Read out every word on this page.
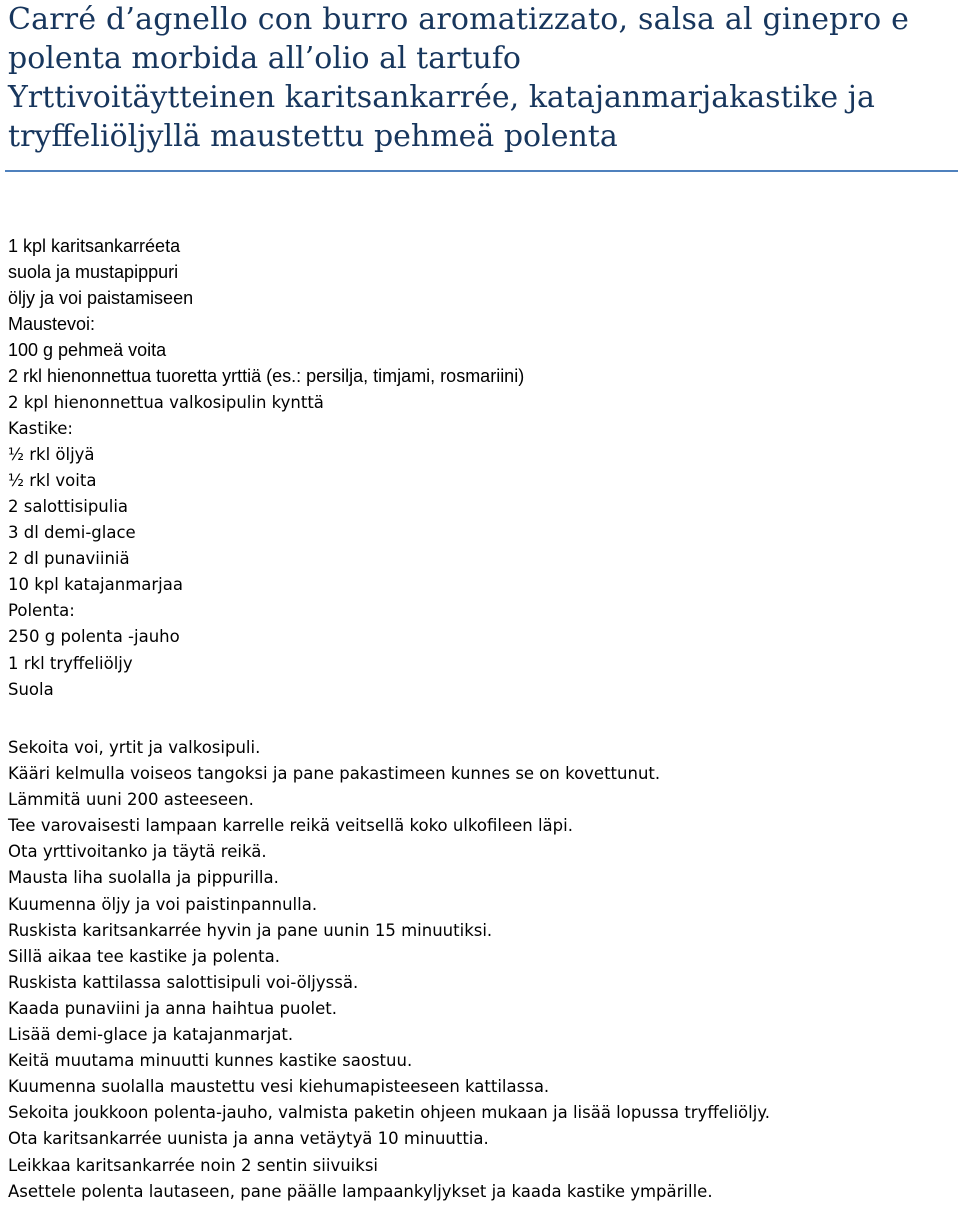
Carré d’agnello con burro aromatizzato, salsa al ginepro e
polenta morbida all’olio al tartufo
Yrttivoitäytteinen karitsankarrée, katajanmarjakastike ja
tryffeliöljyllä maustettu pehmeä polenta
1 kpl karitsankarréeta
suola ja mustapippuri
öljy ja voi paistamiseen
Maustevoi:
100 g pehmeä voita
2 rkl hienonnettua tuoretta yrttiä (es.: persilja, timjami, rosmariini)
2 kpl hienonnettua valkosipulin kynttä
Kastike:
½ rkl öljyä
½ rkl voita
2 salottisipulia
3 dl demi-glace
2 dl punaviiniä
10 kpl katajanmarjaa
Polenta:
250 g polenta -jauho
1 rkl tryffeliöljy
Suola
Sekoita voi, yrtit ja valkosipuli.
Kääri kelmulla voiseos tangoksi ja pane pakastimeen kunnes se on kovettunut.
Lämmitä uuni 200 asteeseen.
Tee varovaisesti lampaan karrelle reikä veitsellä koko ulkofileen läpi.
Ota yrttivoitanko ja täytä reikä.
Mausta liha suolalla ja pippurilla.
Kuumenna öljy ja voi paistinpannulla.
Ruskista karitsankarrée hyvin ja pane uunin 15 minuutiksi.
Sillä aikaa tee kastike ja polenta.
Ruskista kattilassa salottisipuli voi-öljyssä.
Kaada punaviini ja anna haihtua puolet.
Lisää demi-glace ja katajanmarjat.
Keitä muutama minuutti kunnes kastike saostuu.
Kuumenna suolalla maustettu vesi kiehumapisteeseen kattilassa.
Sekoita joukkoon polenta-jauho, valmista paketin ohjeen mukaan ja lisää lopussa tryffeliöljy.
Ota karitsankarrée uunista ja anna vetäytyä 10 minuuttia.
Leikkaa karitsankarrée noin 2 sentin siivuiksi
Asettele polenta lautaseen, pane päälle lampaankyljykset ja kaada kastike ympärille.
